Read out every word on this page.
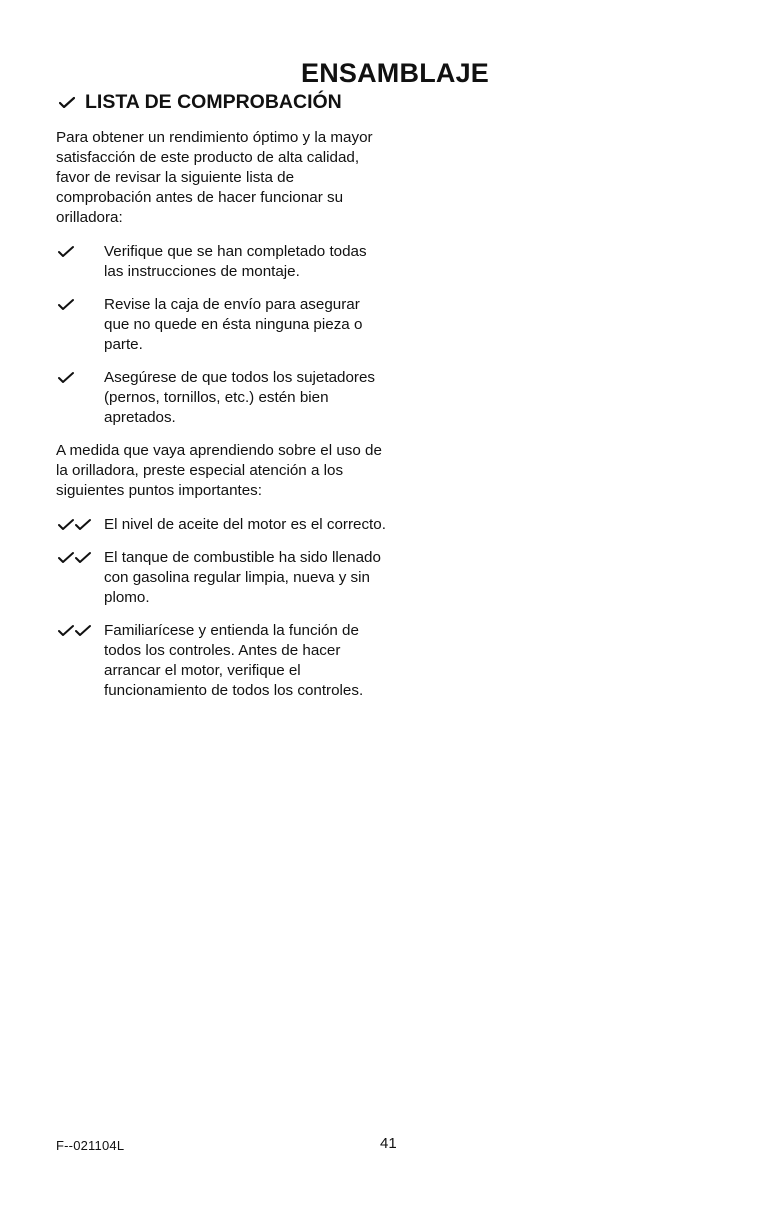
ENSAMBLAJE
LISTA DE COMPROBACIÓN

Para obtener un rendimiento óptimo y la mayor satisfacción de este producto de alta calidad, favor de revisar la siguiente lista de comprobación antes de hacer funcionar su orilladora:

Verifique que se han completado todas las instrucciones de montaje.
Revise la caja de envío para asegurar que no quede en ésta ninguna pieza o parte.
Asegúrese de que todos los sujetadores (pernos, tornillos, etc.) estén bien apretados.

A medida que vaya aprendiendo sobre el uso de la orilladora, preste especial atención a los siguientes puntos importantes:

El nivel de aceite del motor es el correcto.
El tanque de combustible ha sido llenado con gasolina regular limpia, nueva y sin plomo.
Familiarícese y entienda la función de todos los controles. Antes de hacer arrancar el motor, verifique el funcionamiento de todos los controles.
F--021104L	41
